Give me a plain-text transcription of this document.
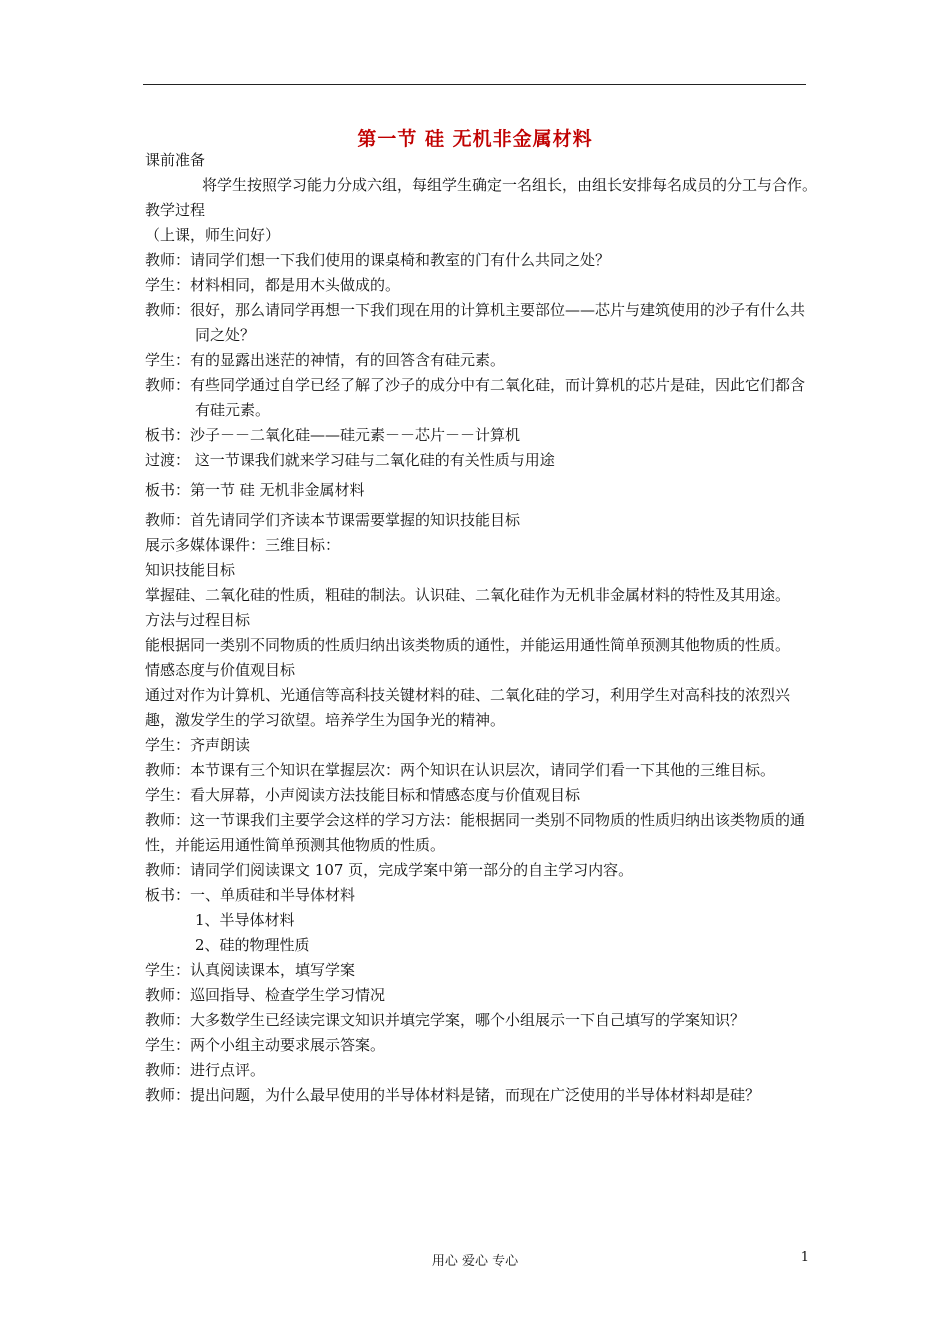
第一节 硅 无机非金属材料
课前准备
将学生按照学习能力分成六组，每组学生确定一名组长，由组长安排每名成员的分工与合作。
教学过程
（上课，师生问好）
教师：请同学们想一下我们使用的课桌椅和教室的门有什么共同之处？
学生：材料相同，都是用木头做成的。
教师：很好，那么请同学再想一下我们现在用的计算机主要部位——芯片与建筑使用的沙子有什么共同之处？
学生：有的显露出迷茫的神情，有的回答含有硅元素。
教师：有些同学通过自学已经了解了沙子的成分中有二氧化硅，而计算机的芯片是硅，因此它们都含有硅元素。
板书：沙子－－二氧化硅——硅元素－－芯片－－计算机
过渡： 这一节课我们就来学习硅与二氧化硅的有关性质与用途
板书：第一节 硅 无机非金属材料
教师：首先请同学们齐读本节课需要掌握的知识技能目标
展示多媒体课件：三维目标：
知识技能目标
掌握硅、二氧化硅的性质，粗硅的制法。认识硅、二氧化硅作为无机非金属材料的特性及其用途。
方法与过程目标
能根据同一类别不同物质的性质归纳出该类物质的通性，并能运用通性简单预测其他物质的性质。
情感态度与价值观目标
通过对作为计算机、光通信等高科技关键材料的硅、二氧化硅的学习，利用学生对高科技的浓烈兴趣，激发学生的学习欲望。培养学生为国争光的精神。
学生：齐声朗读
教师：本节课有三个知识在掌握层次：两个知识在认识层次，请同学们看一下其他的三维目标。
学生：看大屏幕，小声阅读方法技能目标和情感态度与价值观目标
教师：这一节课我们主要学会这样的学习方法：能根据同一类别不同物质的性质归纳出该类物质的通性，并能运用通性简单预测其他物质的性质。
教师：请同学们阅读课文 107 页，完成学案中第一部分的自主学习内容。
板书：一、单质硅和半导体材料
1、半导体材料
2、硅的物理性质
学生：认真阅读课本，填写学案
教师：巡回指导、检查学生学习情况
教师：大多数学生已经读完课文知识并填完学案，哪个小组展示一下自己填写的学案知识？
学生：两个小组主动要求展示答案。
教师：进行点评。
教师：提出问题，为什么最早使用的半导体材料是锗，而现在广泛使用的半导体材料却是硅？
用心 爱心 专心	1
